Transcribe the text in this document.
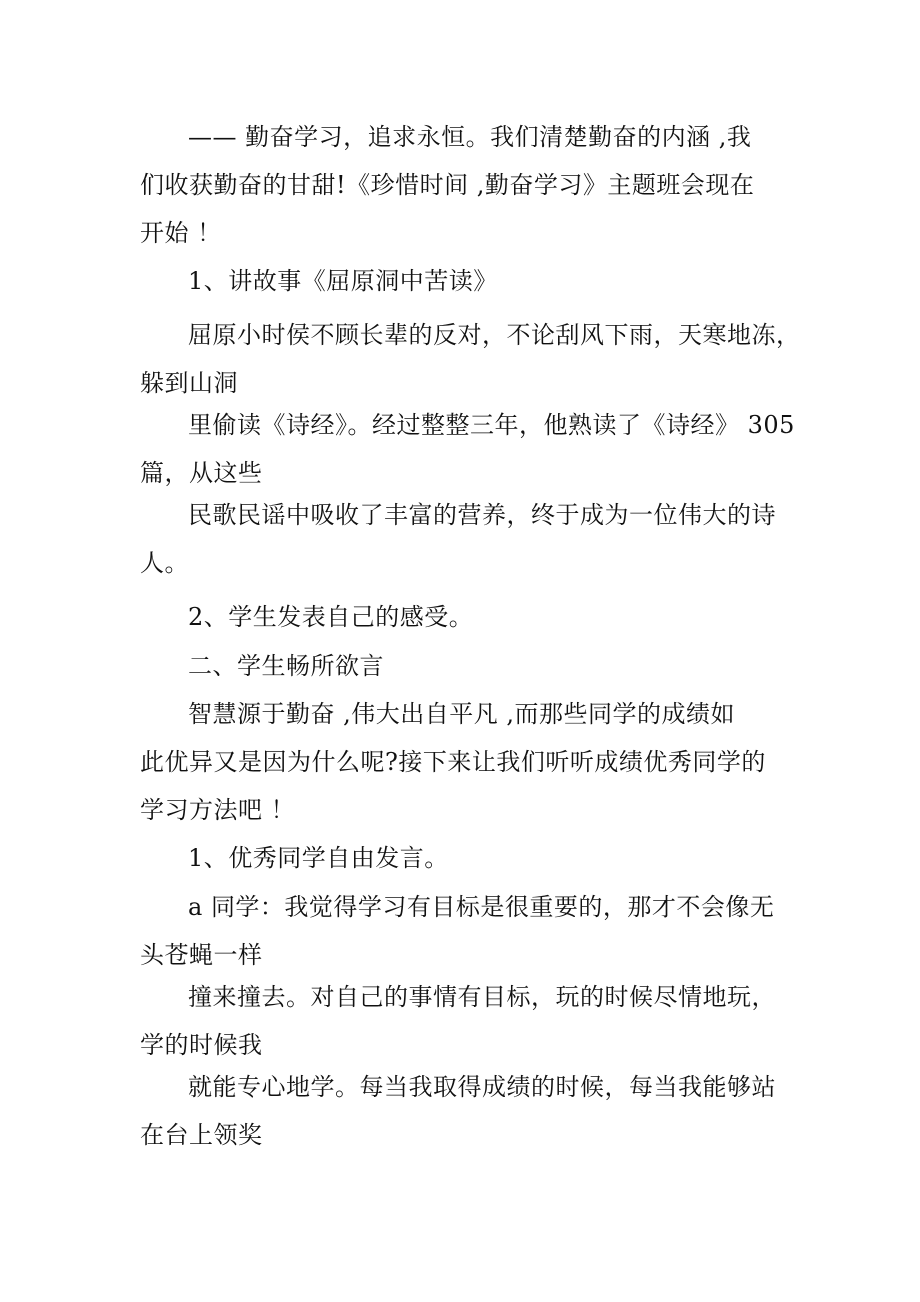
—— 勤奋学习，追求永恒。我们清楚勤奋的内涵 ,我
们收获勤奋的甘甜!《珍惜时间 ,勤奋学习》主题班会现在
开始 ！

1、讲故事《屈原洞中苦读》

屈原小时侯不顾长辈的反对，不论刮风下雨，天寒地冻，
躲到山洞

里偷读《诗经》。经过整整三年，他熟读了《诗经》 305
篇，从这些

民歌民谣中吸收了丰富的营养，终于成为一位伟大的诗
人。

2、学生发表自己的感受。

二、学生畅所欲言

智慧源于勤奋 ,伟大出自平凡 ,而那些同学的成绩如
此优异又是因为什么呢?接下来让我们听听成绩优秀同学的
学习方法吧 ！

1、优秀同学自由发言。

a 同学：我觉得学习有目标是很重要的，那才不会像无
头苍蝇一样

撞来撞去。对自己的事情有目标，玩的时候尽情地玩，
学的时候我

就能专心地学。每当我取得成绩的时候，每当我能够站
在台上领奖
